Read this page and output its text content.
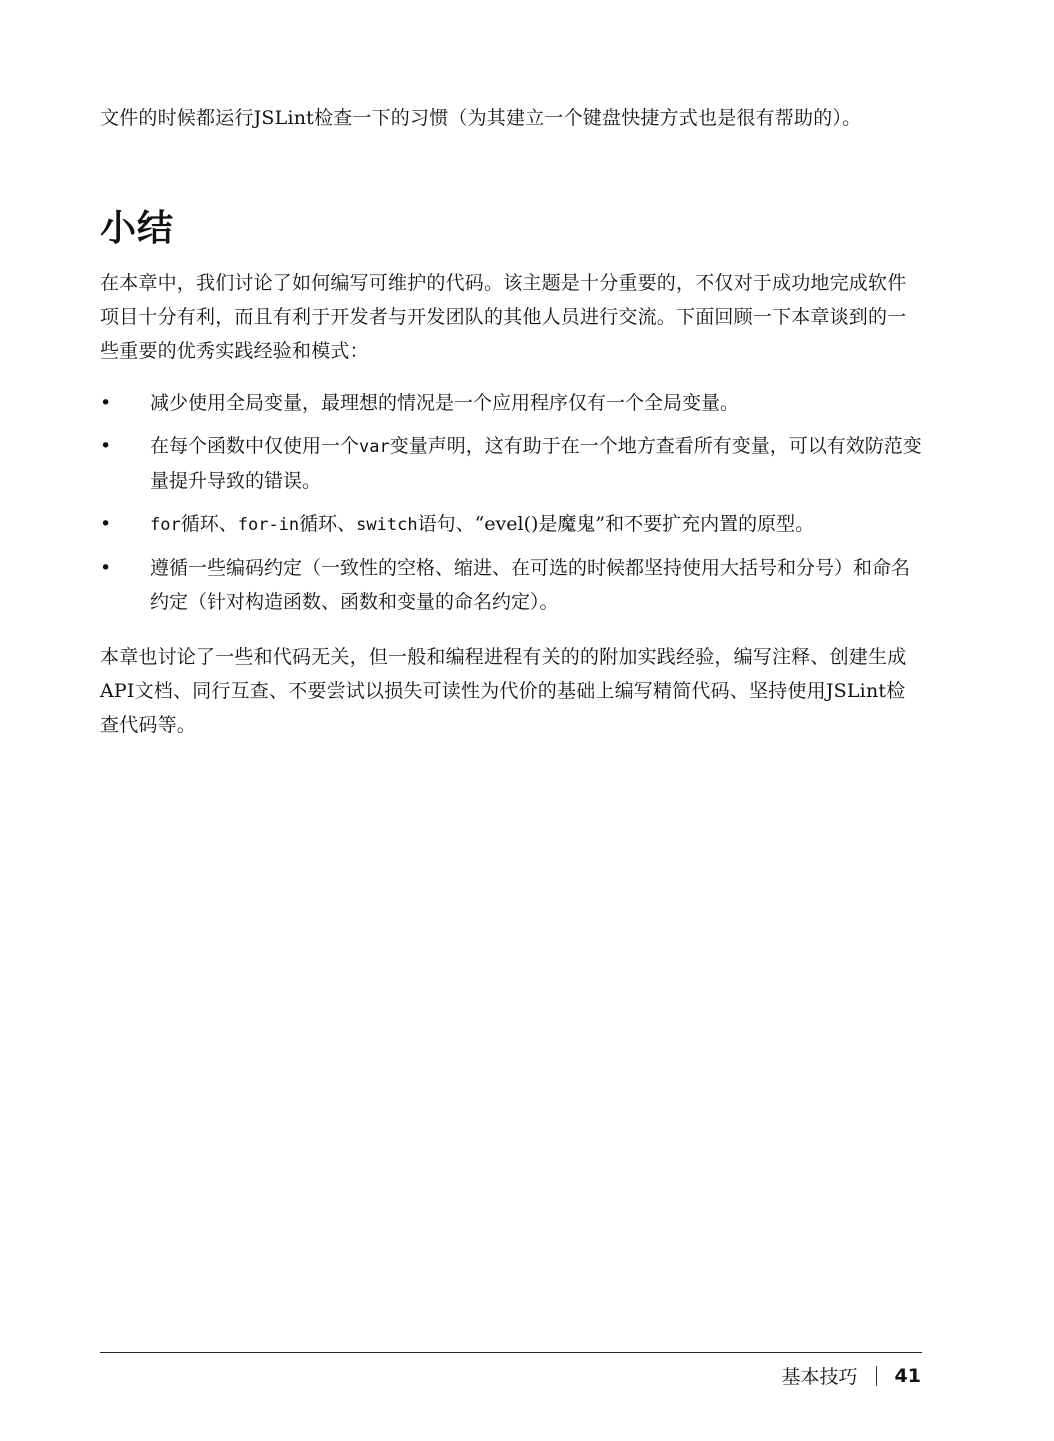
文件的时候都运行JSLint检查一下的习惯（为其建立一个键盘快捷方式也是很有帮助的）。

小结

在本章中，我们讨论了如何编写可维护的代码。该主题是十分重要的，不仅对于成功地完成软件项目十分有利，而且有利于开发者与开发团队的其他人员进行交流。下面回顾一下本章谈到的一些重要的优秀实践经验和模式：

• 减少使用全局变量，最理想的情况是一个应用程序仅有一个全局变量。
• 在每个函数中仅使用一个var变量声明，这有助于在一个地方查看所有变量，可以有效防范变量提升导致的错误。
• for循环、for-in循环、switch语句、“evel()是魔鬼”和不要扩充内置的原型。
• 遵循一些编码约定（一致性的空格、缩进、在可选的时候都坚持使用大括号和分号）和命名约定（针对构造函数、函数和变量的命名约定）。

本章也讨论了一些和代码无关，但一般和编程进程有关的的附加实践经验，编写注释、创建生成API文档、同行互查、不要尝试以损失可读性为代价的基础上编写精简代码、坚持使用JSLint检查代码等。

基本技巧 41
